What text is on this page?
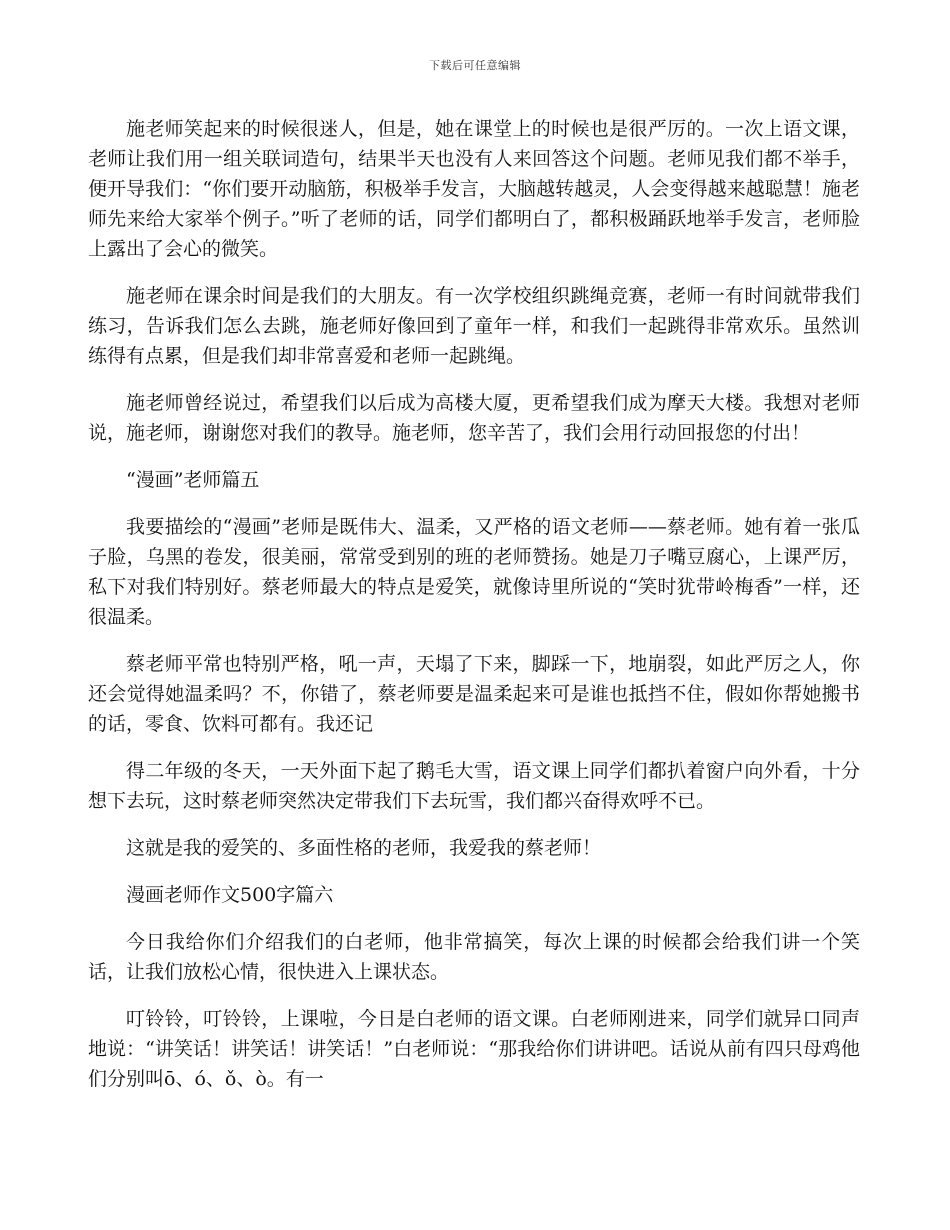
下载后可任意编辑

施老师笑起来的时候很迷人，但是，她在课堂上的时候也是很严厉的。一次上语文课，老师让我们用一组关联词造句，结果半天也没有人来回答这个问题。老师见我们都不举手，便开导我们：“你们要开动脑筋，积极举手发言，大脑越转越灵，人会变得越来越聪慧！施老师先来给大家举个例子。”听了老师的话，同学们都明白了，都积极踊跃地举手发言，老师脸上露出了会心的微笑。

施老师在课余时间是我们的大朋友。有一次学校组织跳绳竞赛，老师一有时间就带我们练习，告诉我们怎么去跳，施老师好像回到了童年一样，和我们一起跳得非常欢乐。虽然训练得有点累，但是我们却非常喜爱和老师一起跳绳。

施老师曾经说过，希望我们以后成为高楼大厦，更希望我们成为摩天大楼。我想对老师说，施老师，谢谢您对我们的教导。施老师，您辛苦了，我们会用行动回报您的付出！

“漫画”老师篇五

我要描绘的“漫画”老师是既伟大、温柔，又严格的语文老师——蔡老师。她有着一张瓜子脸，乌黑的卷发，很美丽，常常受到别的班的老师赞扬。她是刀子嘴豆腐心，上课严厉，私下对我们特别好。蔡老师最大的特点是爱笑，就像诗里所说的“笑时犹带岭梅香”一样，还很温柔。

蔡老师平常也特别严格，吼一声，天塌了下来，脚踩一下，地崩裂，如此严厉之人，你还会觉得她温柔吗？不，你错了，蔡老师要是温柔起来可是谁也抵挡不住，假如你帮她搬书的话，零食、饮料可都有。我还记

得二年级的冬天，一天外面下起了鹅毛大雪，语文课上同学们都扒着窗户向外看，十分想下去玩，这时蔡老师突然决定带我们下去玩雪，我们都兴奋得欢呼不已。

这就是我的爱笑的、多面性格的老师，我爱我的蔡老师！

漫画老师作文500字篇六

今日我给你们介绍我们的白老师，他非常搞笑，每次上课的时候都会给我们讲一个笑话，让我们放松心情，很快进入上课状态。

叮铃铃，叮铃铃，上课啦，今日是白老师的语文课。白老师刚进来，同学们就异口同声地说：“讲笑话！讲笑话！讲笑话！”白老师说：“那我给你们讲讲吧。话说从前有四只母鸡他们分别叫ō、ó、ǒ、ò。有一
